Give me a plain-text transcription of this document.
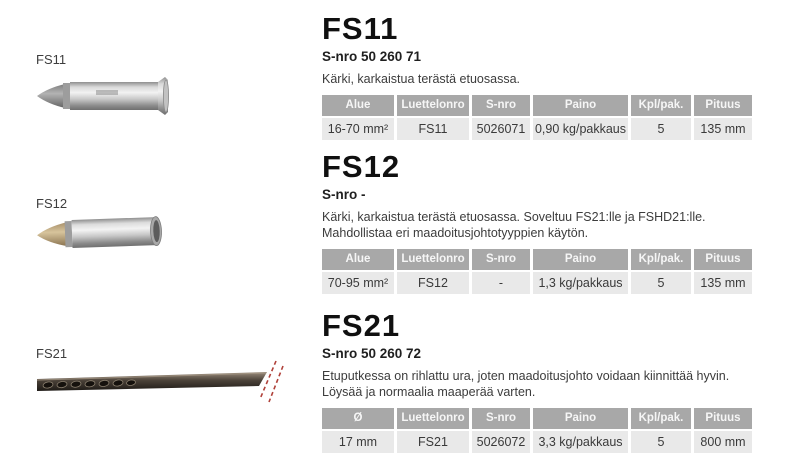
FS11
FS12
FS21
FS11
S-nro 50 260 71

Kärki, karkaistua terästä etuosassa.

Alue	Luettelonro	S-nro	Paino	Kpl/pak.	Pituus
16-70 mm²	FS11	5026071 0,90 kg/pakkaus	5	135 mm
FS12
S-nro -

Kärki, karkaistua terästä etuosassa. Soveltuu FS21:lle ja FSHD21:lle.
Mahdollistaa eri maadoitusjohtotyyppien käytön.

Alue	Luettelonro	S-nro	Paino	Kpl/pak.	Pituus
70-95 mm²	FS12	-	1,3 kg/pakkaus	5	135 mm
FS21
S-nro 50 260 72

Etuputkessa on rihlattu ura, joten maadoitusjohto voidaan kiinnittää hyvin.
Löysää ja normaalia maaperää varten.

Ø	Luettelonro	S-nro	Paino	Kpl/pak.	Pituus
17 mm	FS21	5026072	3,3 kg/pakkaus	5	800 mm
